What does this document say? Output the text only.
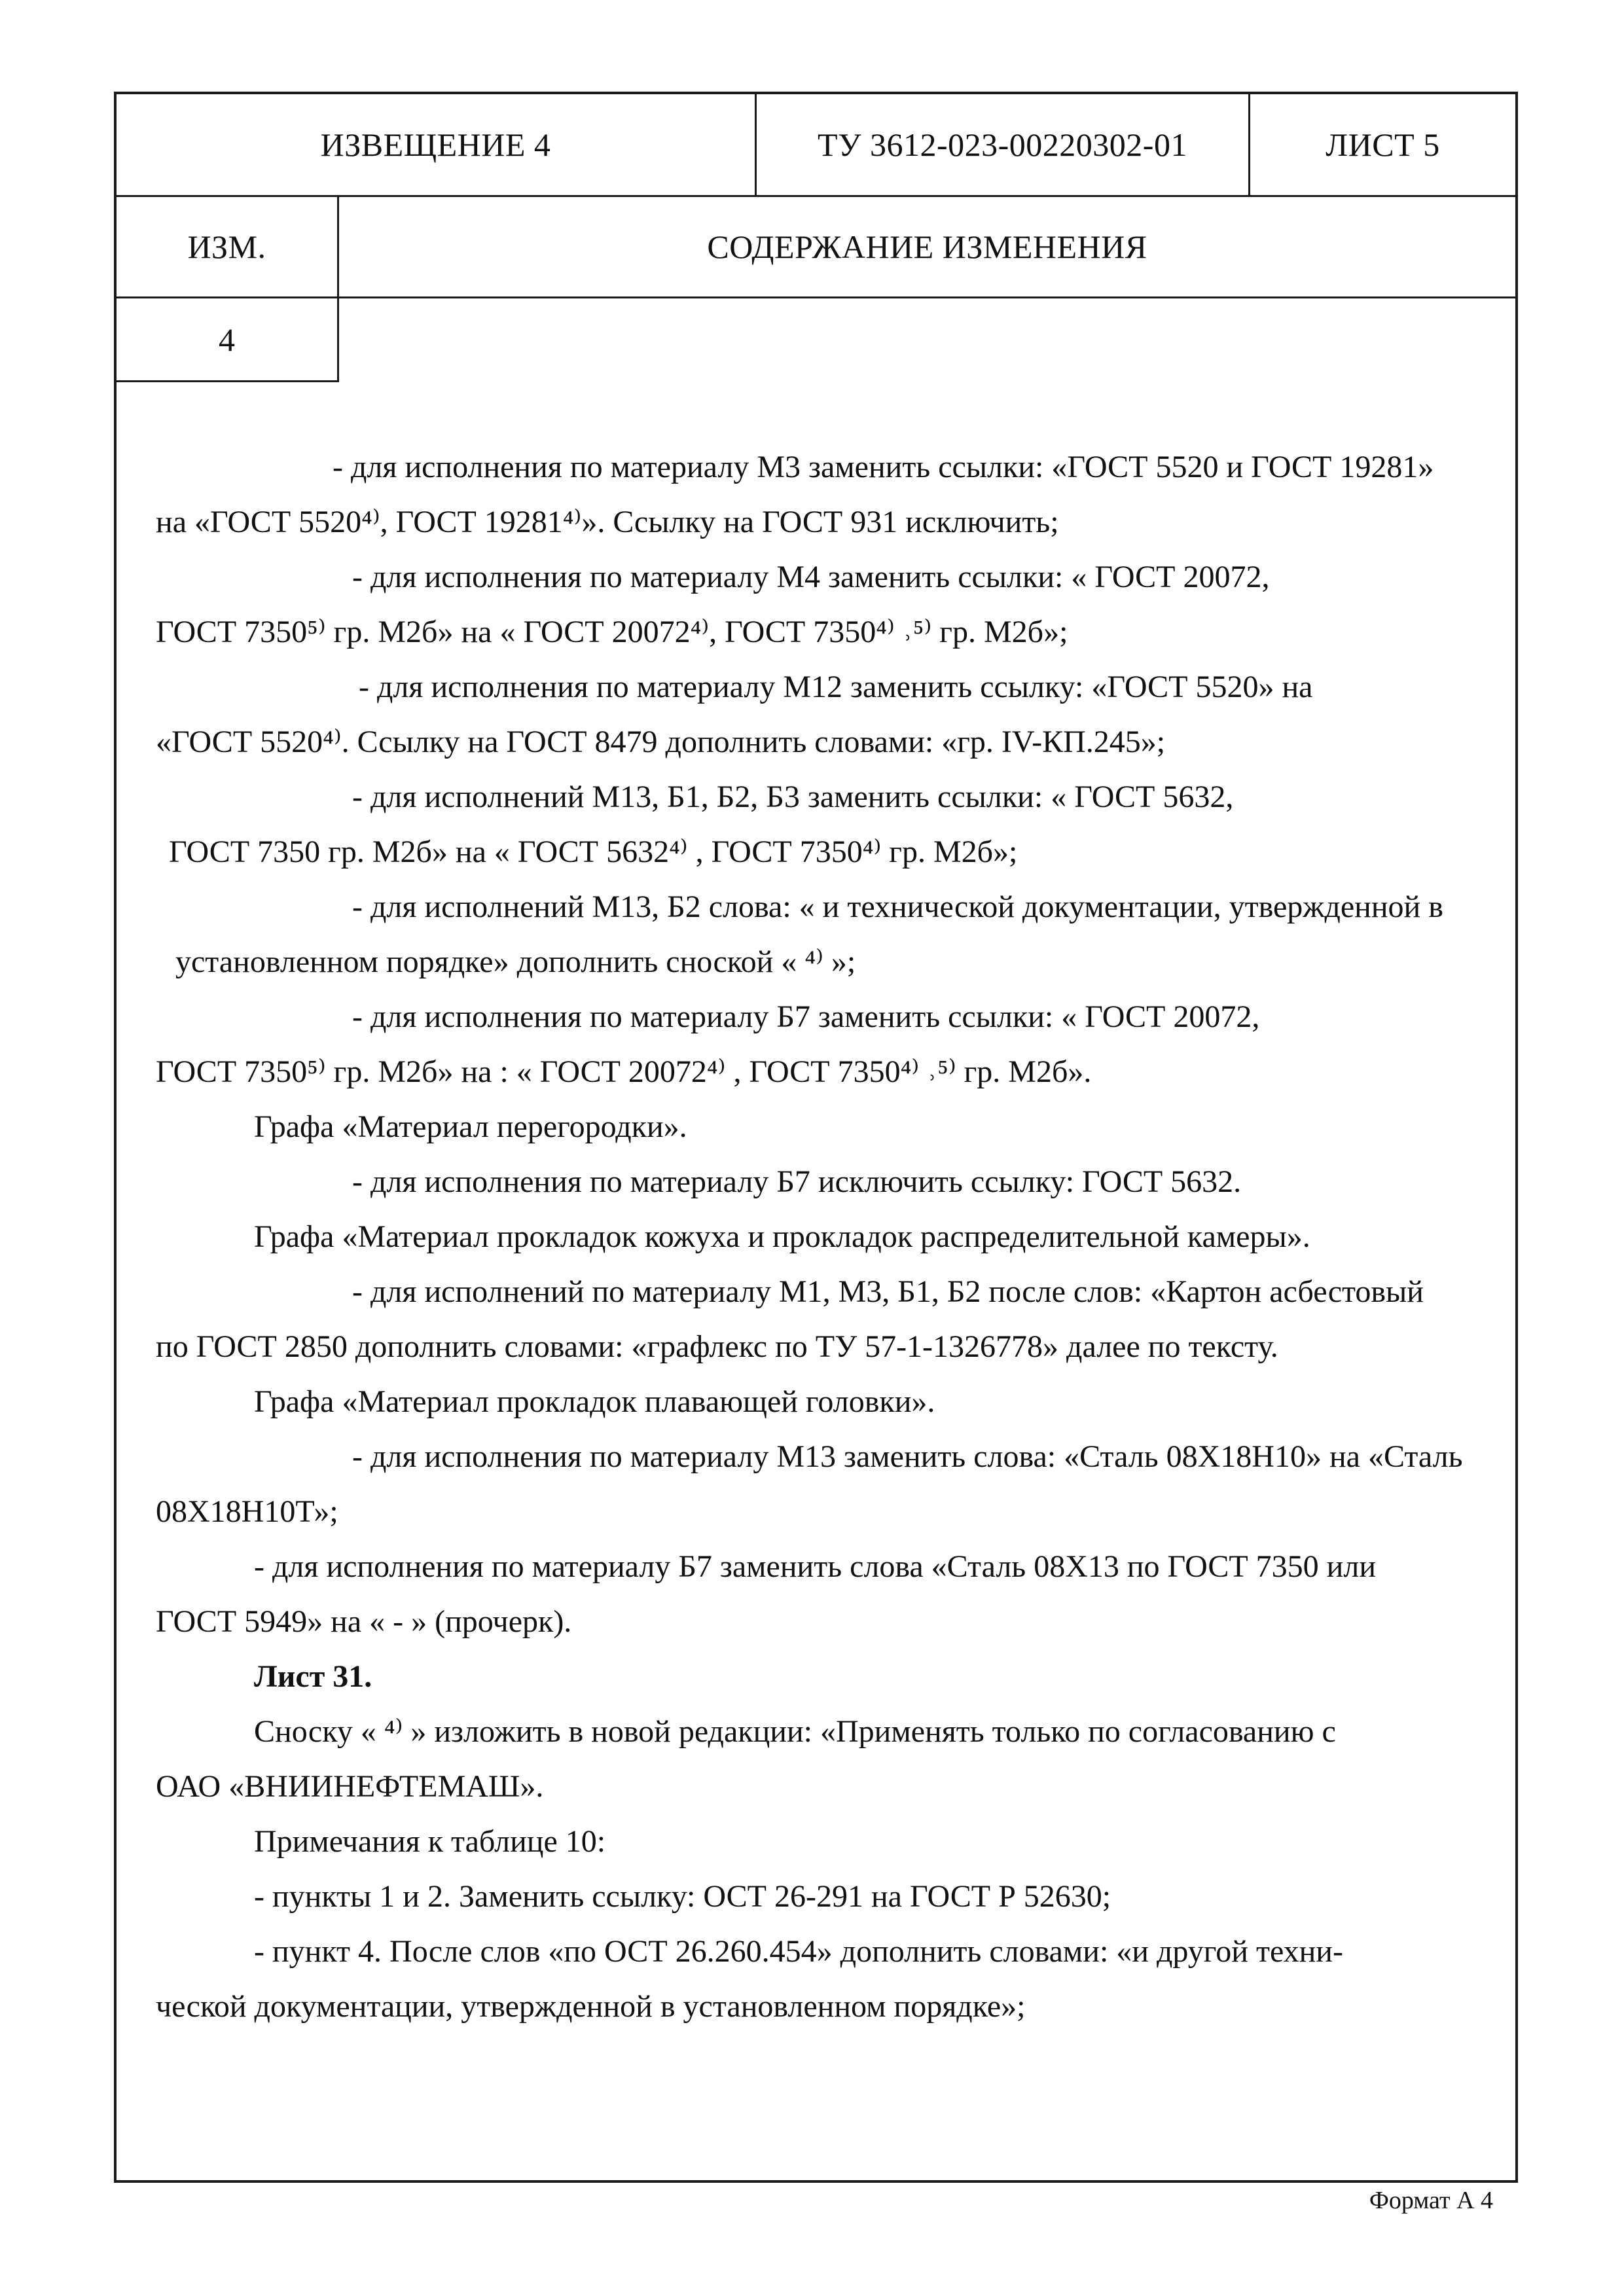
ИЗВЕЩЕНИЕ 4	ТУ 3612-023-00220302-01	ЛИСТ 5
ИЗМ.	СОДЕРЖАНИЕ ИЗМЕНЕНИЯ
4
- для исполнения по материалу М3 заменить ссылки: «ГОСТ 5520 и ГОСТ 19281»
на «ГОСТ 5520⁴⁾, ГОСТ 19281⁴⁾». Ссылку на ГОСТ 931 исключить;
- для исполнения по материалу М4 заменить ссылки: « ГОСТ 20072,
ГОСТ 7350⁵⁾ гр. М2б» на « ГОСТ 20072⁴⁾, ГОСТ 7350⁴⁾ ˒⁵⁾ гр. М2б»;
- для исполнения по материалу М12 заменить ссылку: «ГОСТ 5520» на
«ГОСТ 5520⁴⁾. Ссылку на ГОСТ 8479 дополнить словами: «гр. IV-КП.245»;
- для исполнений М13, Б1, Б2, Б3 заменить ссылки: « ГОСТ 5632,
ГОСТ 7350 гр. М2б» на « ГОСТ 5632⁴⁾ , ГОСТ 7350⁴⁾ гр. М2б»;
- для исполнений М13, Б2 слова: « и технической документации, утвержденной в
установленном порядке» дополнить сноской « ⁴⁾ »;
- для исполнения по материалу Б7 заменить ссылки: « ГОСТ 20072,
ГОСТ 7350⁵⁾ гр. М2б» на : « ГОСТ 20072⁴⁾ , ГОСТ 7350⁴⁾ ˒⁵⁾ гр. М2б».
Графа «Материал перегородки».
- для исполнения по материалу Б7 исключить ссылку: ГОСТ 5632.
Графа «Материал прокладок кожуха и прокладок распределительной камеры».
- для исполнений по материалу М1, М3, Б1, Б2 после слов: «Картон асбестовый
по ГОСТ 2850 дополнить словами: «графлекс по ТУ 57-1-1326778» далее по тексту.
Графа «Материал прокладок плавающей головки».
- для исполнения по материалу М13 заменить слова: «Сталь 08Х18Н10» на «Сталь
08Х18Н10Т»;
- для исполнения по материалу Б7 заменить слова «Сталь 08Х13 по ГОСТ 7350 или
ГОСТ 5949» на « - » (прочерк).
Лист 31.
Сноску « ⁴⁾ » изложить в новой редакции: «Применять только по согласованию с
ОАО «ВНИИНЕФТЕМАШ».
Примечания к таблице 10:
- пункты 1 и 2. Заменить ссылку: ОСТ 26-291 на ГОСТ Р 52630;
- пункт 4. После слов «по ОСТ 26.260.454» дополнить словами: «и другой техни-
ческой документации, утвержденной в установленном порядке»;
Формат А 4
